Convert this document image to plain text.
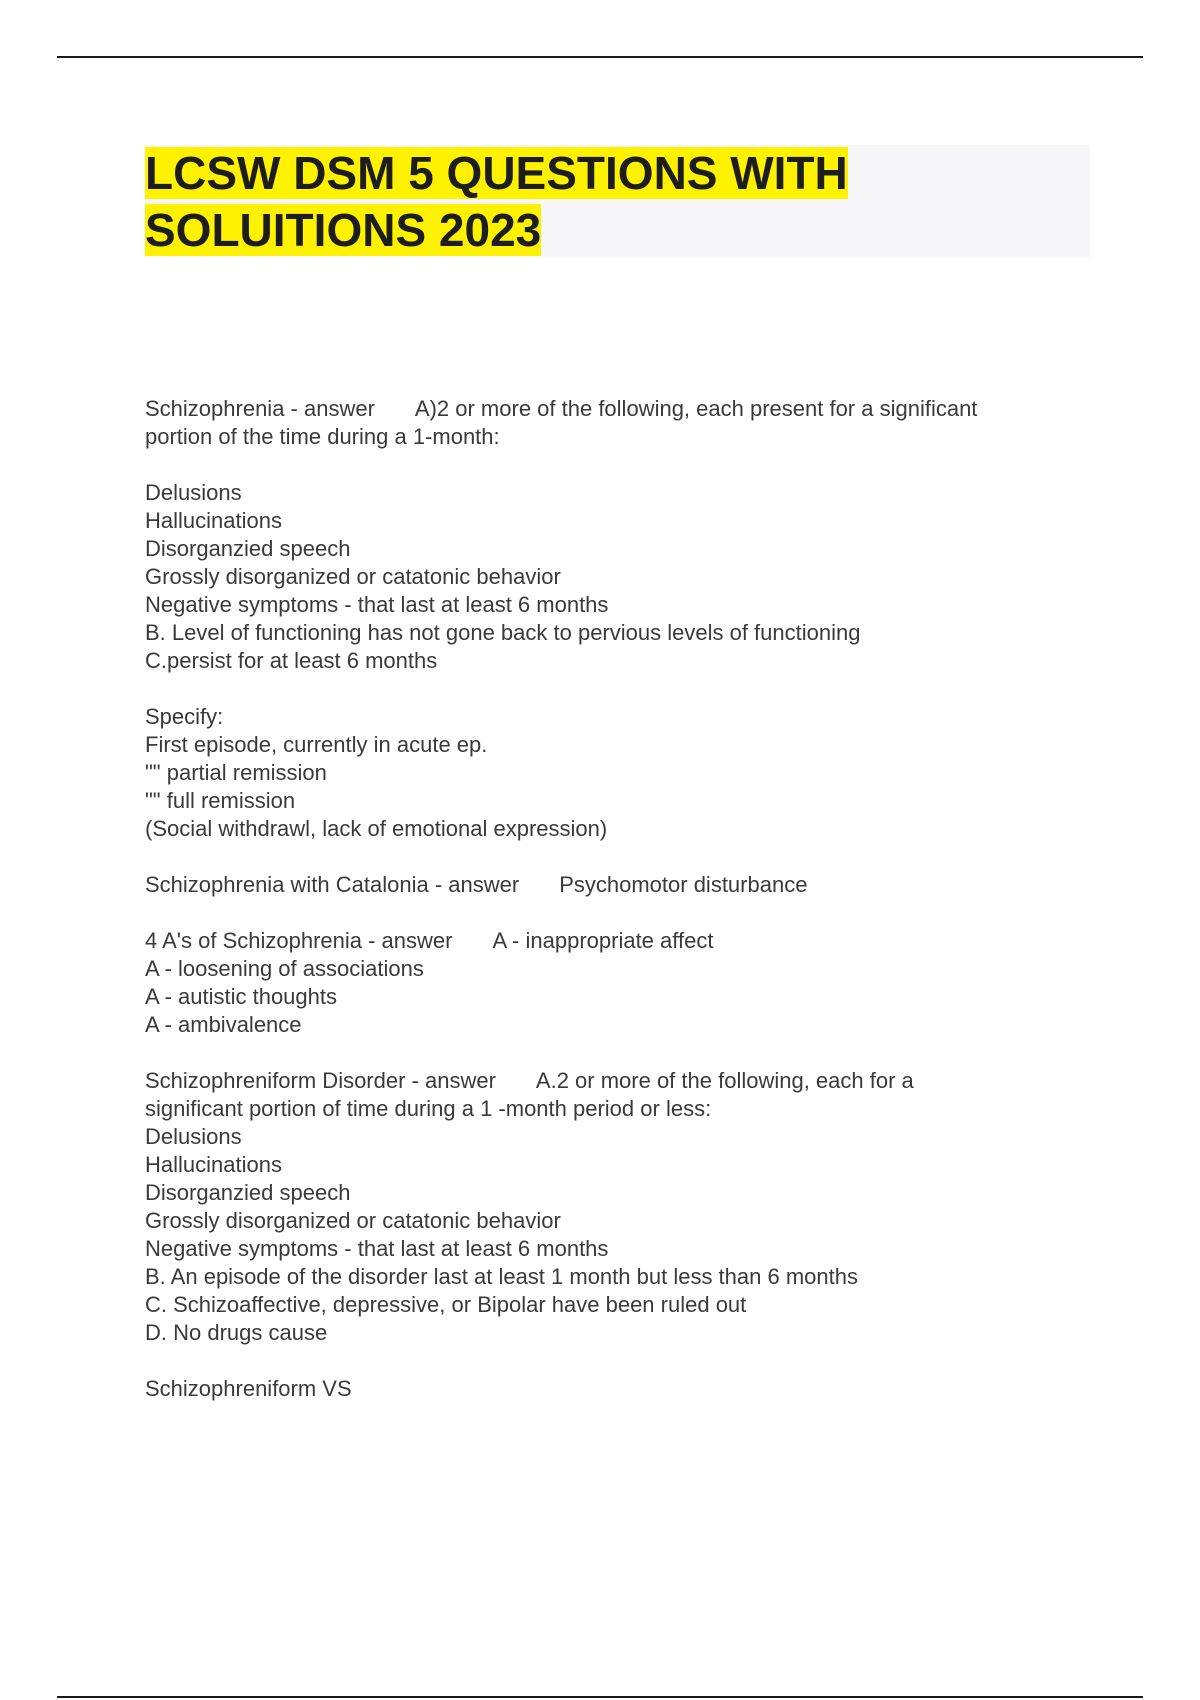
LCSW DSM 5 QUESTIONS WITH
SOLUITIONS 2023
Schizophrenia - answer A)2 or more of the following, each present for a significant
portion of the time during a 1-month:
Delusions
Hallucinations
Disorganzied speech
Grossly disorganized or catatonic behavior
Negative symptoms - that last at least 6 months
B. Level of functioning has not gone back to pervious levels of functioning
C.persist for at least 6 months
Specify:
First episode, currently in acute ep.
"" partial remission
"" full remission
(Social withdrawl, lack of emotional expression)
Schizophrenia with Catalonia - answer Psychomotor disturbance
4 A's of Schizophrenia - answer A - inappropriate affect
A - loosening of associations
A - autistic thoughts
A - ambivalence
Schizophreniform Disorder - answer A.2 or more of the following, each for a
significant portion of time during a 1 -month period or less:
Delusions
Hallucinations
Disorganzied speech
Grossly disorganized or catatonic behavior
Negative symptoms - that last at least 6 months
B. An episode of the disorder last at least 1 month but less than 6 months
C. Schizoaffective, depressive, or Bipolar have been ruled out
D. No drugs cause
Schizophreniform VS
